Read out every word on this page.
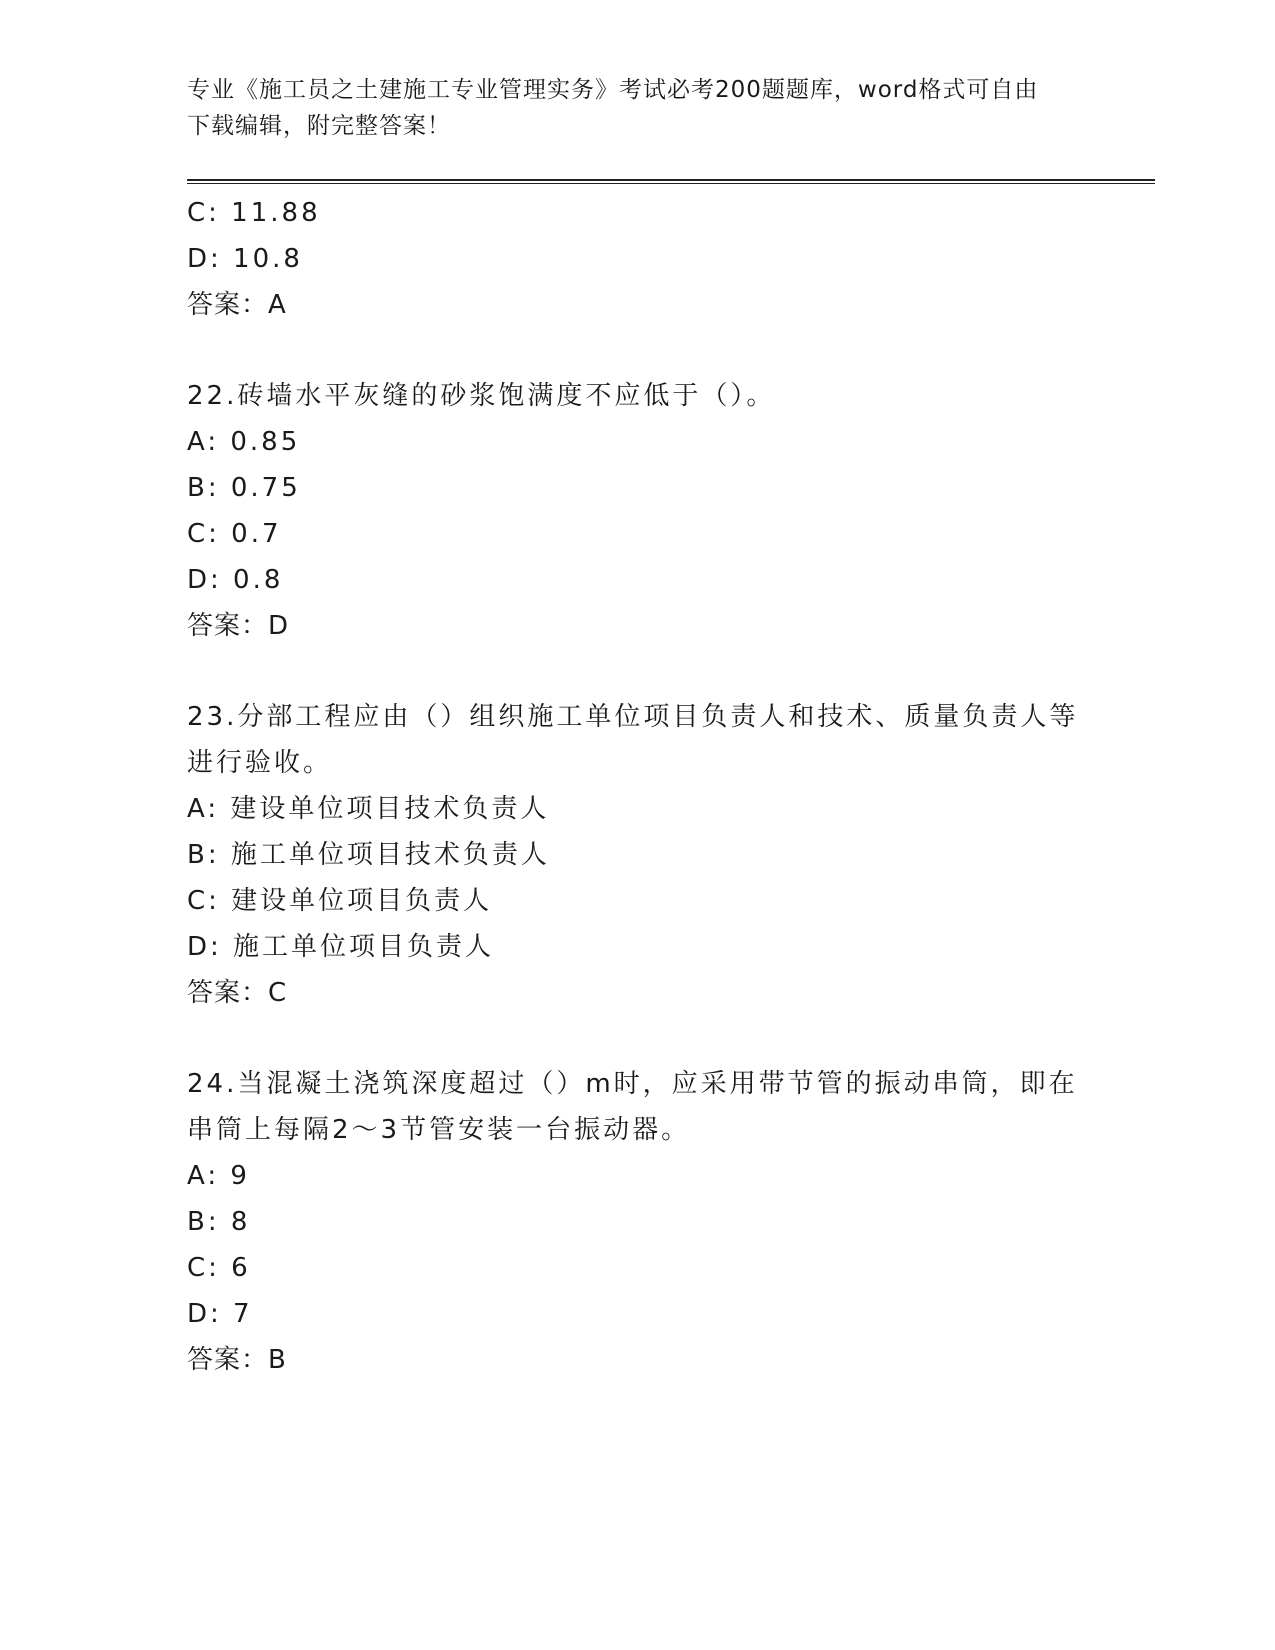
专业《施工员之土建施工专业管理实务》考试必考200题题库，word格式可自由
下载编辑，附完整答案！
C: 11.88
D: 10.8
答案：A
22.砖墙水平灰缝的砂浆饱满度不应低于（）。
A: 0.85
B: 0.75
C: 0.7
D: 0.8
答案：D
23.分部工程应由（）组织施工单位项目负责人和技术、质量负责人等
进行验收。
A: 建设单位项目技术负责人
B: 施工单位项目技术负责人
C: 建设单位项目负责人
D: 施工单位项目负责人
答案：C
24.当混凝土浇筑深度超过（）m时，应采用带节管的振动串筒，即在
串筒上每隔2～3节管安装一台振动器。
A: 9
B: 8
C: 6
D: 7
答案：B
